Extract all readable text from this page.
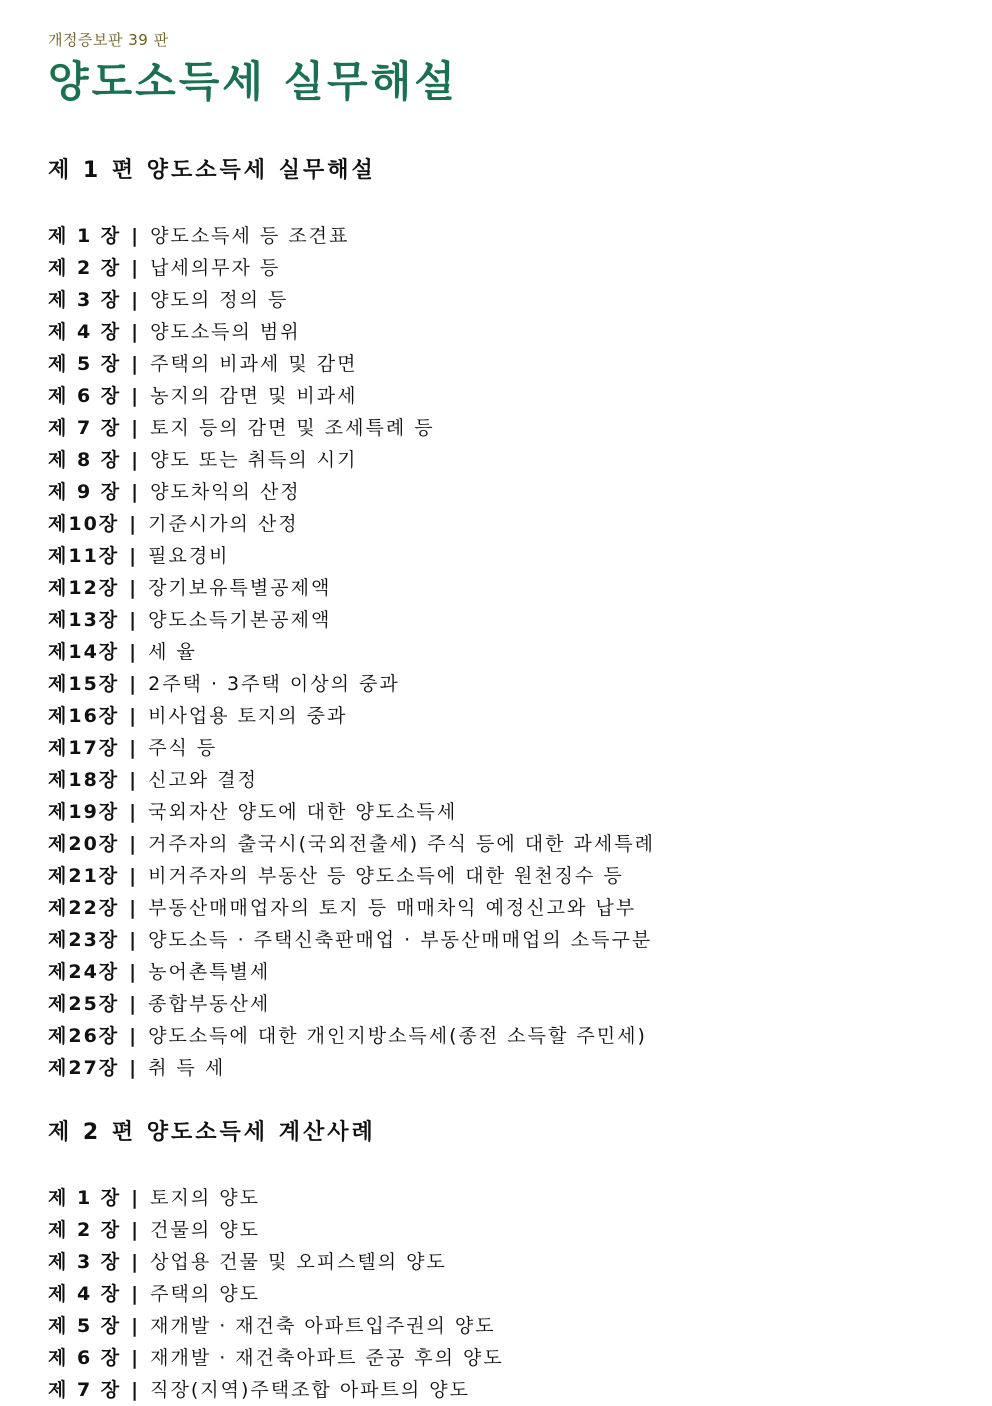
개정증보판 39 판
양도소득세 실무해설
제 1 편 양도소득세 실무해설
제 1 장 | 양도소득세 등 조견표
제 2 장 | 납세의무자 등
제 3 장 | 양도의 정의 등
제 4 장 | 양도소득의 범위
제 5 장 | 주택의 비과세 및 감면
제 6 장 | 농지의 감면 및 비과세
제 7 장 | 토지 등의 감면 및 조세특례 등
제 8 장 | 양도 또는 취득의 시기
제 9 장 | 양도차익의 산정
제10장 | 기준시가의 산정
제11장 | 필요경비
제12장 | 장기보유특별공제액
제13장 | 양도소득기본공제액
제14장 | 세 율
제15장 | 2주택 · 3주택 이상의 중과
제16장 | 비사업용 토지의 중과
제17장 | 주식 등
제18장 | 신고와 결정
제19장 | 국외자산 양도에 대한 양도소득세
제20장 | 거주자의 출국시(국외전출세) 주식 등에 대한 과세특례
제21장 | 비거주자의 부동산 등 양도소득에 대한 원천징수 등
제22장 | 부동산매매업자의 토지 등 매매차익 예정신고와 납부
제23장 | 양도소득 · 주택신축판매업 · 부동산매매업의 소득구분
제24장 | 농어촌특별세
제25장 | 종합부동산세
제26장 | 양도소득에 대한 개인지방소득세(종전 소득할 주민세)
제27장 | 취 득 세
제 2 편 양도소득세 계산사례
제 1 장 | 토지의 양도
제 2 장 | 건물의 양도
제 3 장 | 상업용 건물 및 오피스텔의 양도
제 4 장 | 주택의 양도
제 5 장 | 재개발 · 재건축 아파트입주권의 양도
제 6 장 | 재개발 · 재건축아파트 준공 후의 양도
제 7 장 | 직장(지역)주택조합 아파트의 양도
